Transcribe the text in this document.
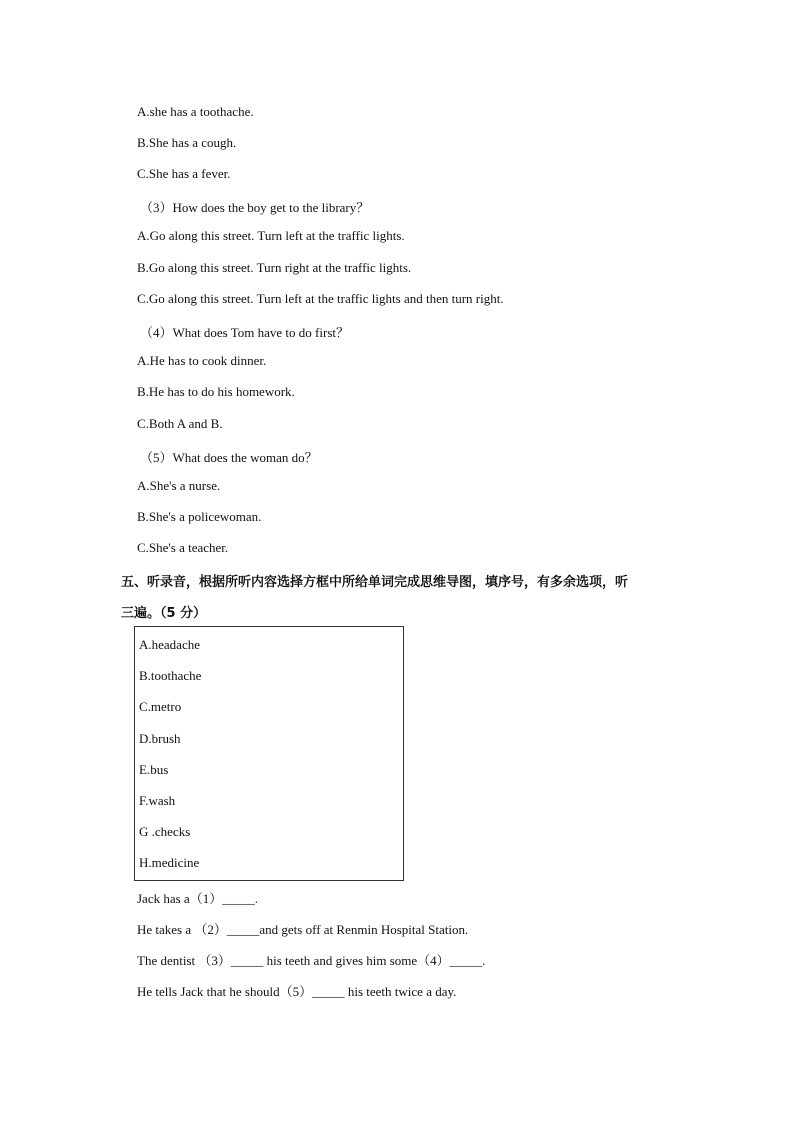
A.she has a toothache.
B.She has a cough.
C.She has a fever.
（3）How does the boy get to the library？
A.Go along this street. Turn left at the traffic lights.
B.Go along this street. Turn right at the traffic lights.
C.Go along this street. Turn left at the traffic lights and then turn right.
（4）What does Tom have to do first？
A.He has to cook dinner.
B.He has to do his homework.
C.Both A and B.
（5）What does the woman do？
A.She's a nurse.
B.She's a policewoman.
C.She's a teacher.
五、听录音，根据所听内容选择方框中所给单词完成思维导图，填序号，有多余选项，听
三遍。（5 分）
A.headache
B.toothache
C.metro
D.brush
E.bus
F.wash
G .checks
H.medicine
Jack has a（1）_____.
He takes a （2）_____and gets off at Renmin Hospital Station.
The dentist （3）_____ his teeth and gives him some（4）_____.
He tells Jack that he should（5）_____ his teeth twice a day.
